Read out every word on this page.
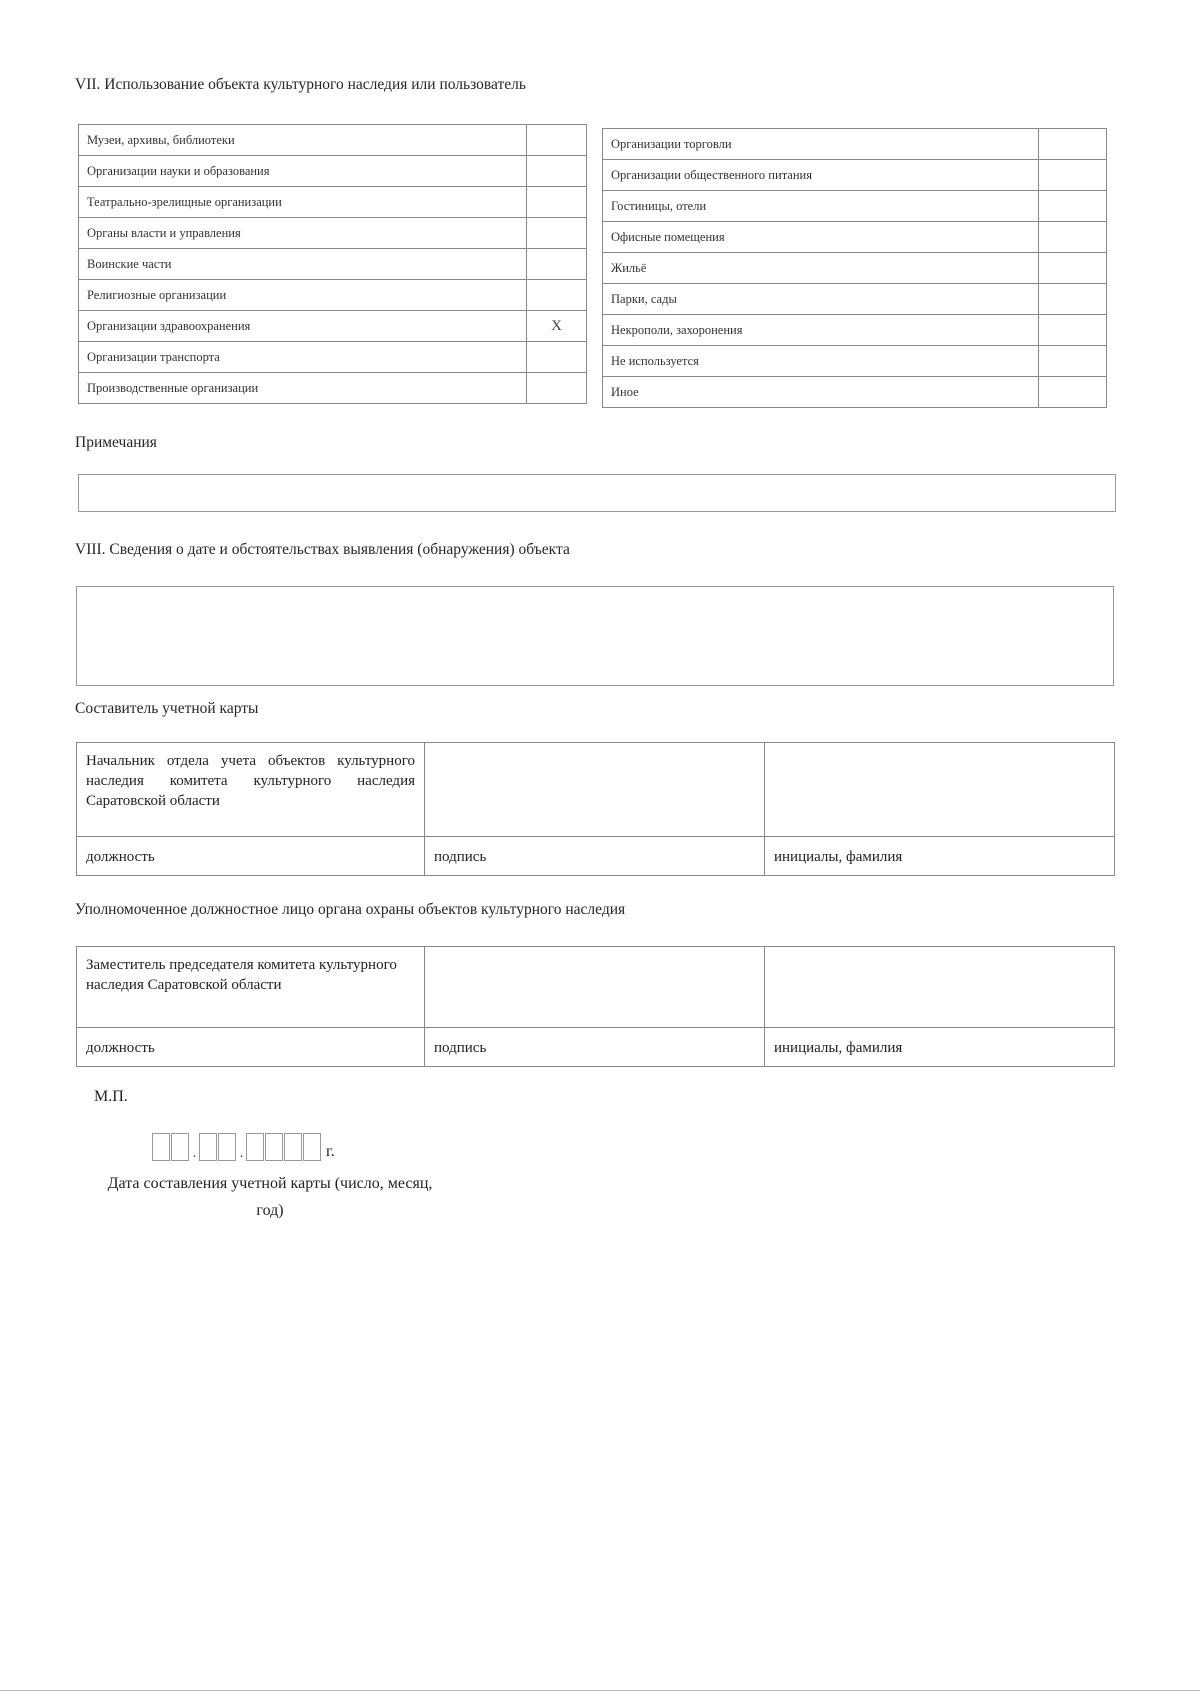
VII. Использование объекта культурного наследия или пользователь
Музеи, архивы, библиотеки	
Организации науки и образования	
Театрально-зрелищные организации	
Органы власти и управления	
Воинские части	
Религиозные организации	
Организации здравоохранения	X
Организации транспорта	
Производственные организации	
Организации торговли	
Организации общественного питания	
Гостиницы, отели	
Офисные помещения	
Жильё	
Парки, сады	
Некрополи, захоронения	
Не используется	
Иное	
Примечания
VIII. Сведения о дате и обстоятельствах выявления (обнаружения) объекта
Составитель учетной карты
Начальник отдела учета объектов культурного наследия комитета культурного наследия Саратовской области		
должность	подпись	инициалы, фамилия
Уполномоченное должностное лицо органа охраны объектов культурного наследия
Заместитель председателя комитета культурного наследия Саратовской области		
должность	подпись	инициалы, фамилия
М.П.
.	.	г.
Дата составления учетной карты (число, месяц,
год)
